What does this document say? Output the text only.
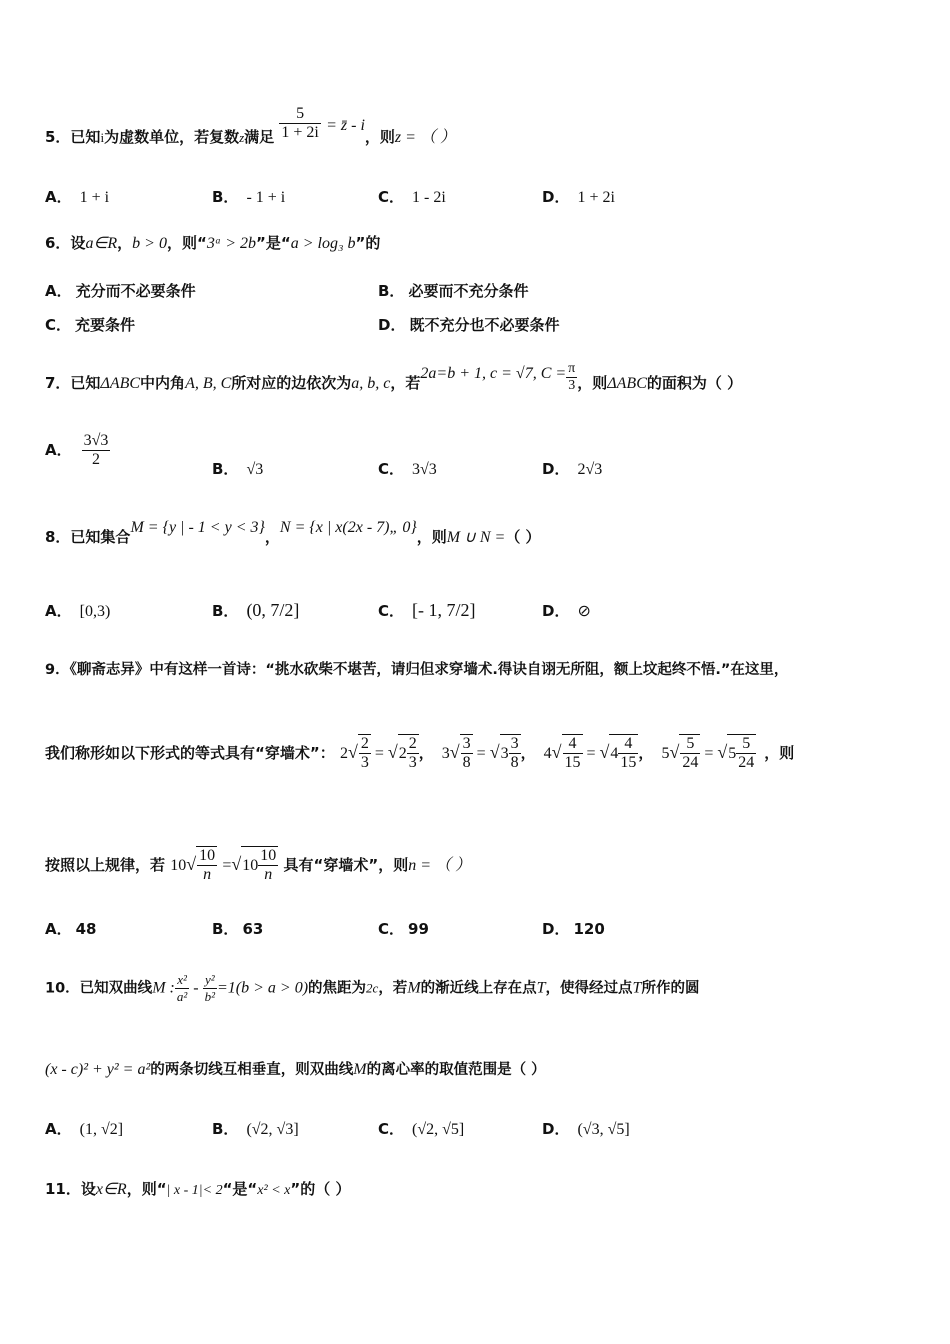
5．已知i为虚数单位，若复数z满足 $\frac{5}{1 + 2i}$ = z̄ - i，则z = （ ）
A． 1 + i	B． - 1 + i	C． 1 - 2i	D． 1 + 2i
6．设a∈R，b > 0，则“3ᵃ > 2b”是“a > log₃ b”的
A． 充分而不必要条件	B． 必要而不充分条件
C． 充要条件	D． 既不充分也不必要条件
7．已知ΔABC中内角A, B, C所对应的边依次为a, b, c，若2a=b + 1, c = √7, $C = \frac{\pi}{3}$ ，则ΔABC的面积为（ ）
A． $\frac{3√3}{2}$	B． √3	C． 3√3	D． 2√3
8．已知集合M = {y | - 1 < y < 3}，N = {x | x(2x - 7)„ 0}，则M ∪ N =（ ）
A． [0,3)	B． (0, 7/2]	C． [- 1, 7/2]	D． ⊘
9．《聊斋志异》中有这样一首诗：“挑水砍柴不堪苦，请归但求穿墙术.得诀自诩无所阻，额上坟起终不悟.”在这里，
我们称形如以下形式的等式具有“穿墙术”： $2√ \frac{2}{3} = √2 \frac{2}{3}$ ， $3√ \frac{3}{8} = √3 \frac{3}{8}$ ， $4√ \frac{4}{15} = √4 \frac{4}{15}$ ， $5√ \frac{5}{24} = √5 \frac{5}{24}$ ，则
按照以上规律，若 $10√ \frac{10}{n} =√10 \frac{10}{n}$ 具有“穿墙术”，则n = （ ）
A． 48	B． 63	C． 99	D． 120
10．已知双曲线M : $\frac{\text{x²}}{\text{a²}} - \frac{\text{y²}}{\text{b²}} =1(b > a > 0)$的焦距为2c，若M的渐近线上存在点T，使得经过点T所作的圆
(x - c)² + y² = a²的两条切线互相垂直，则双曲线M的离心率的取值范围是（ ）
A． (1, √2]	B． (√2, √3]	C． (√2, √5]	D． (√3, √5]
11．设x∈R，则“| x - 1|< 2“是“x² < x”的（ ）
